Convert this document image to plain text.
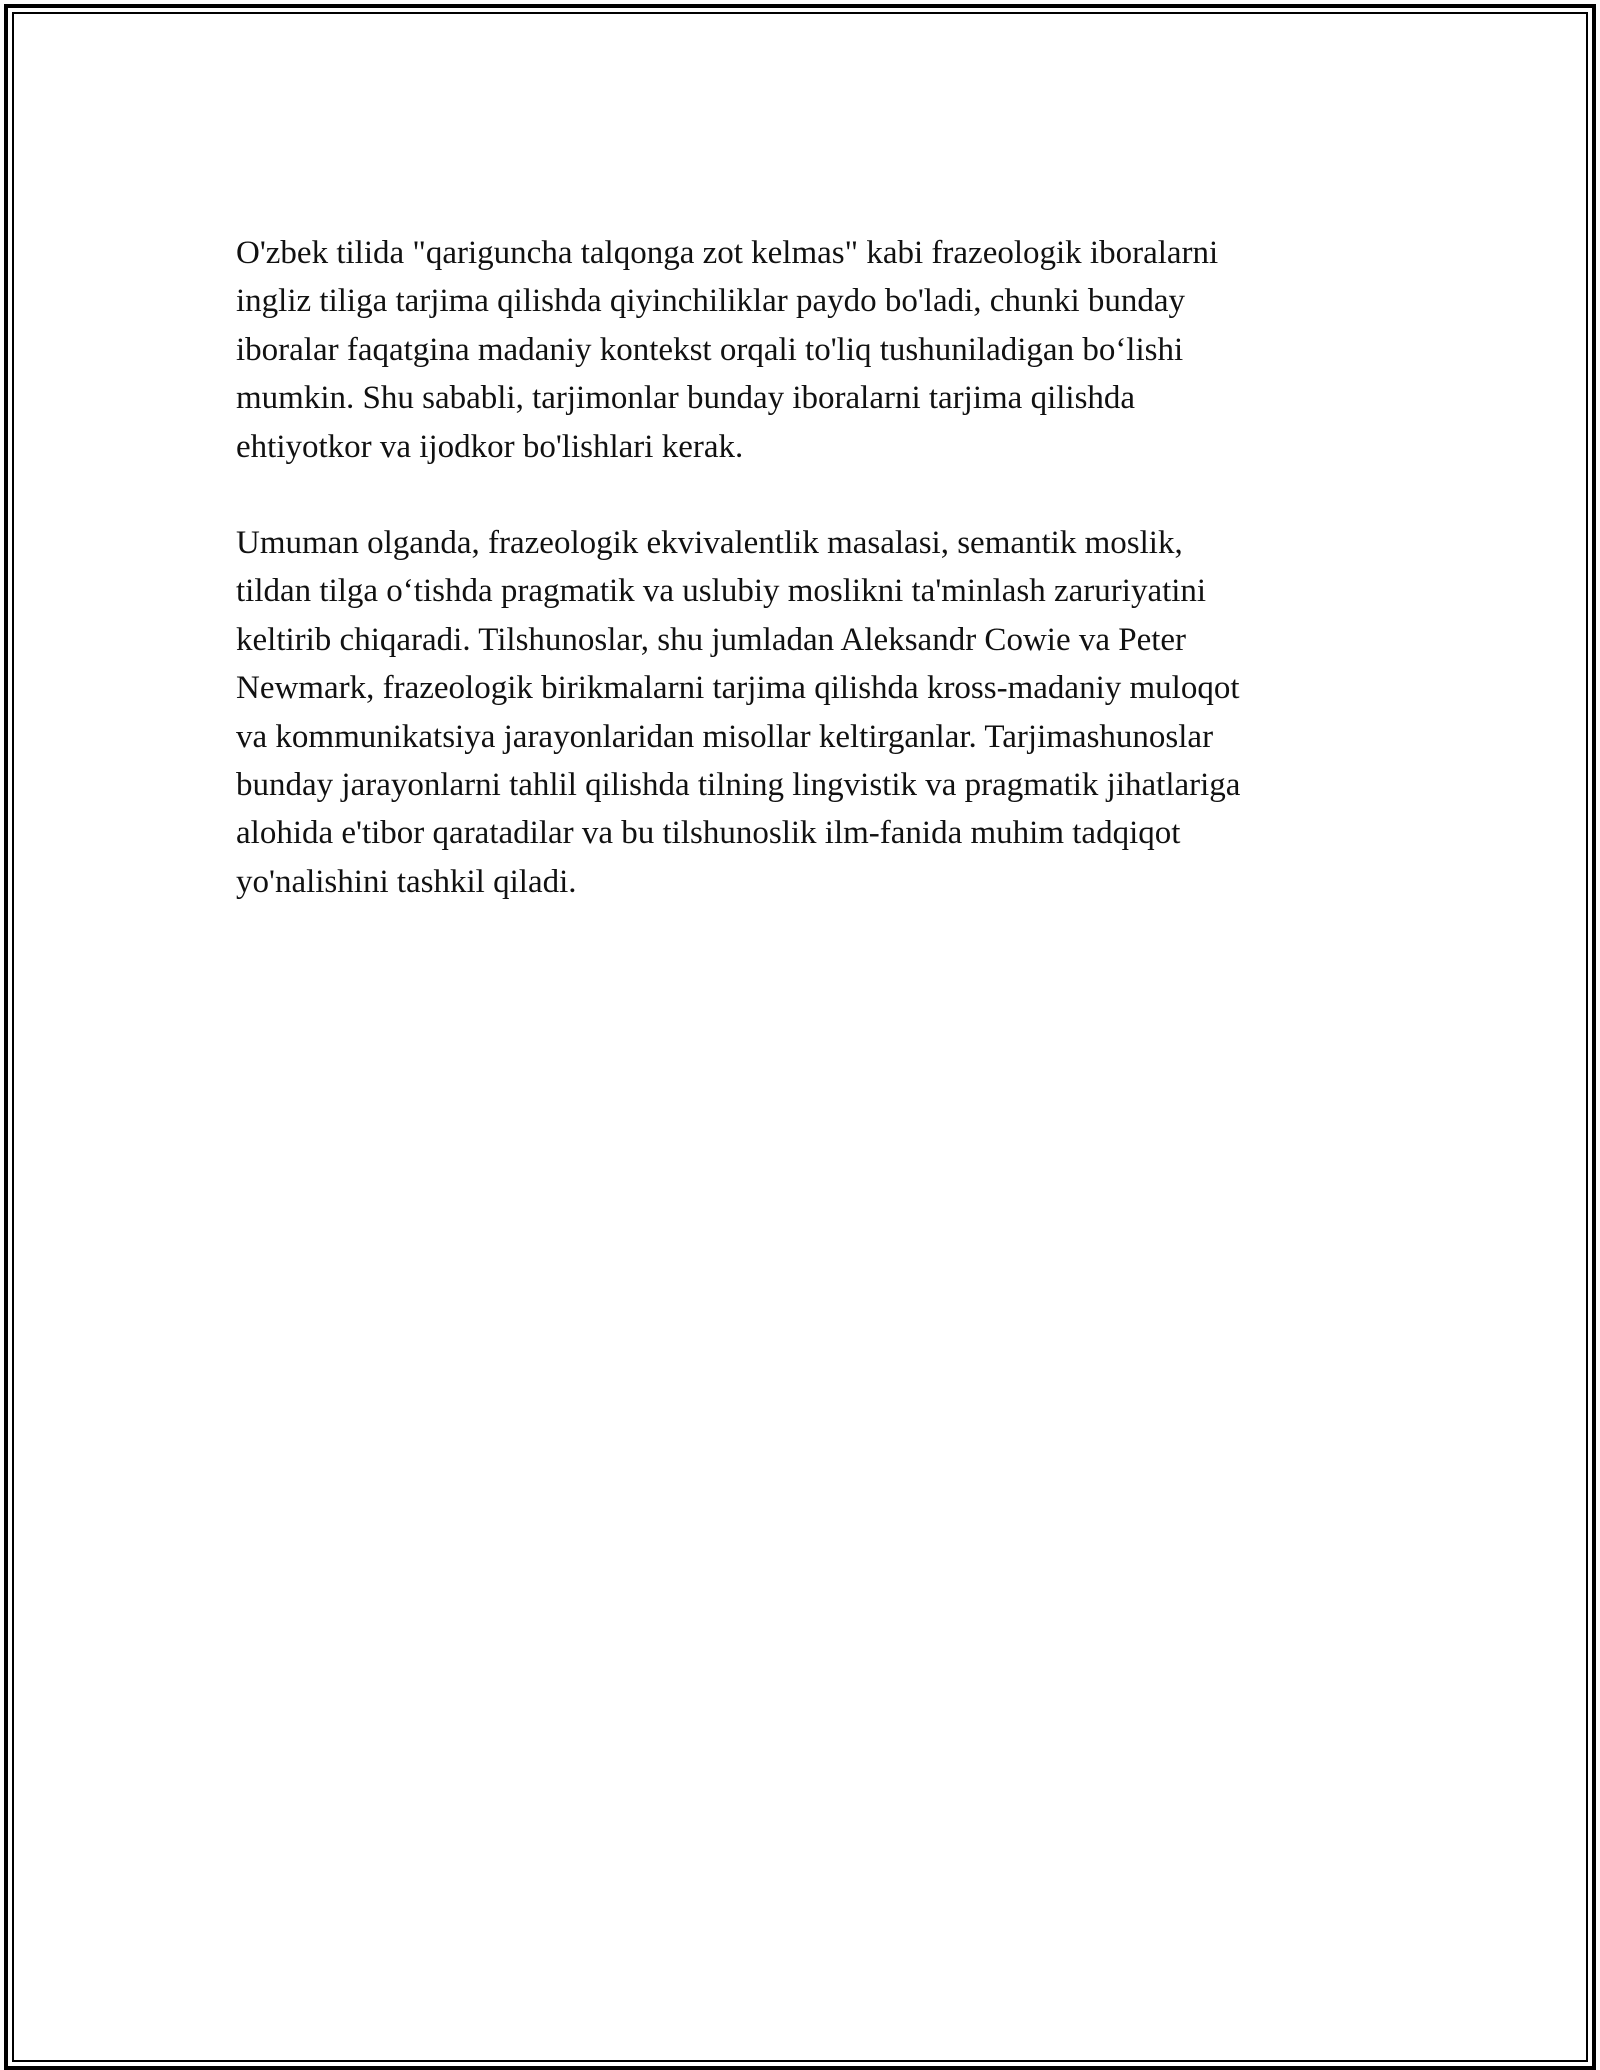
O'zbek tilida "qariguncha talqonga zot kelmas" kabi frazeologik iboralarni
ingliz tiliga tarjima qilishda qiyinchiliklar paydo bo'ladi, chunki bunday
iboralar faqatgina madaniy kontekst orqali to'liq tushuniladigan bo‘lishi
mumkin. Shu sababli, tarjimonlar bunday iboralarni tarjima qilishda
ehtiyotkor va ijodkor bo'lishlari kerak.

Umuman olganda, frazeologik ekvivalentlik masalasi, semantik moslik,
tildan tilga o‘tishda pragmatik va uslubiy moslikni ta'minlash zaruriyatini
keltirib chiqaradi. Tilshunoslar, shu jumladan Aleksandr Cowie va Peter
Newmark, frazeologik birikmalarni tarjima qilishda kross-madaniy muloqot
va kommunikatsiya jarayonlaridan misollar keltirganlar. Tarjimashunoslar
bunday jarayonlarni tahlil qilishda tilning lingvistik va pragmatik jihatlariga
alohida e'tibor qaratadilar va bu tilshunoslik ilm-fanida muhim tadqiqot
yo'nalishini tashkil qiladi.
